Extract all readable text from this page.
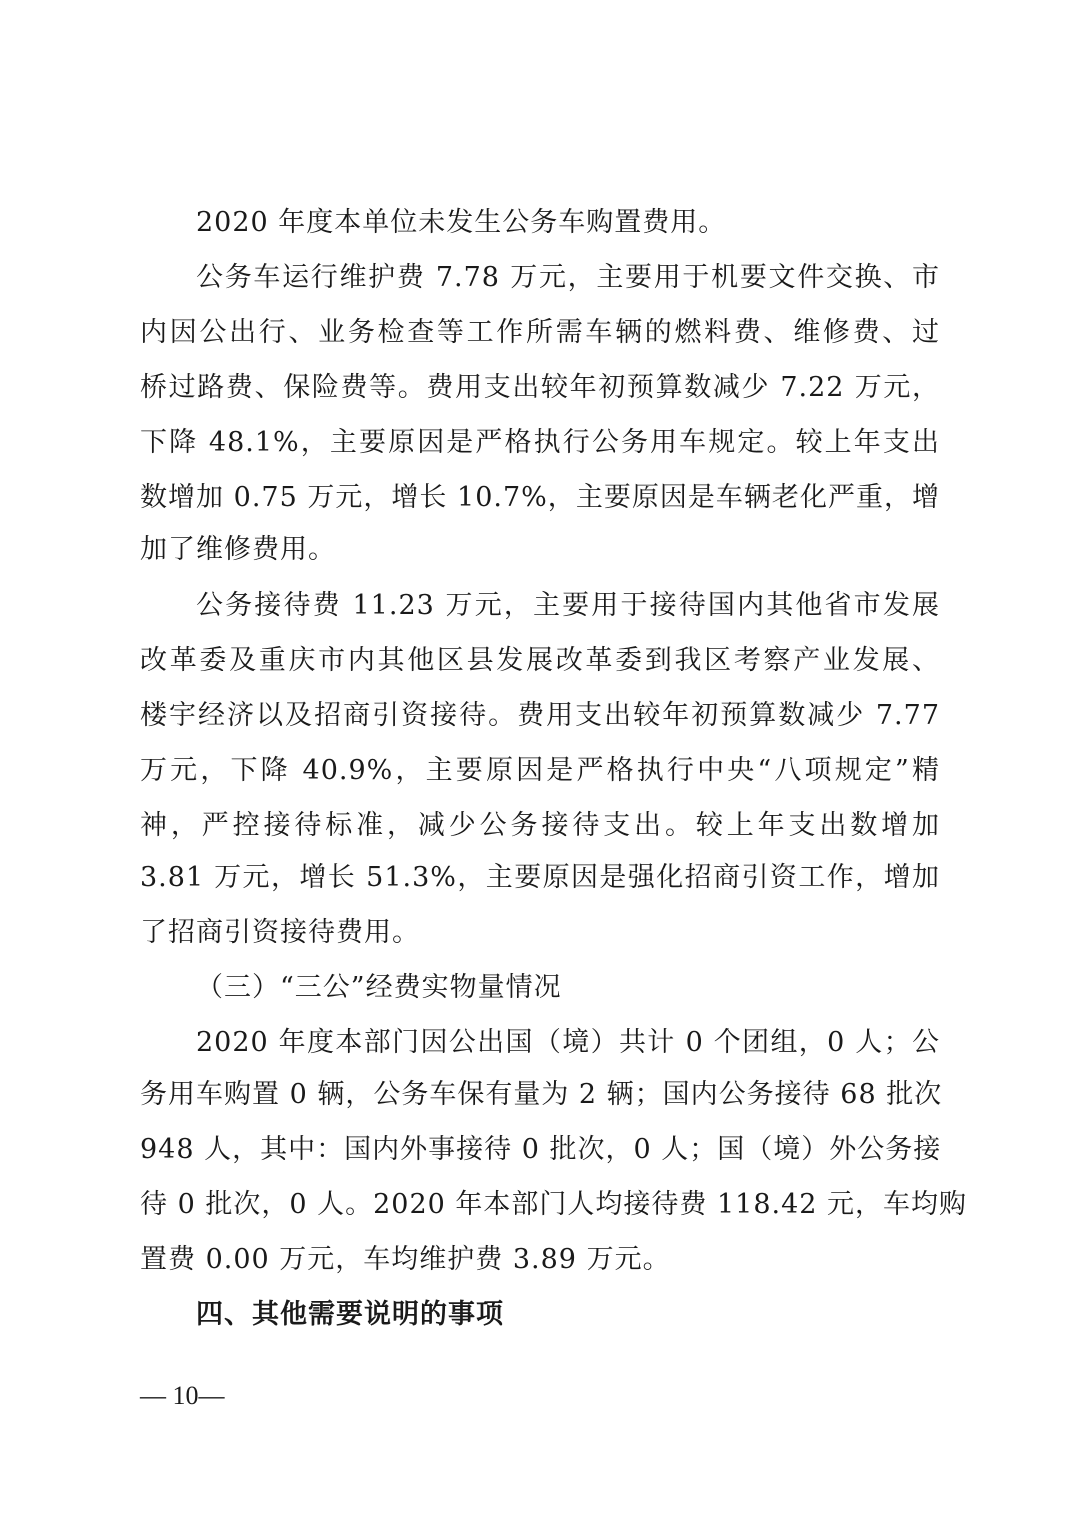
2020 年度本单位未发生公务车购置费用。
公务车运行维护费 7.78 万元，主要用于机要文件交换、市
内因公出行、业务检查等工作所需车辆的燃料费、维修费、过
桥过路费、保险费等。费用支出较年初预算数减少 7.22 万元，
下降 48.1%，主要原因是严格执行公务用车规定。较上年支出
数增加 0.75 万元，增长 10.7%，主要原因是车辆老化严重，增
加了维修费用。
公务接待费 11.23 万元，主要用于接待国内其他省市发展
改革委及重庆市内其他区县发展改革委到我区考察产业发展、
楼宇经济以及招商引资接待。费用支出较年初预算数减少 7.77
万元，下降 40.9%，主要原因是严格执行中央“八项规定”精
神，严控接待标准，减少公务接待支出。较上年支出数增加
3.81 万元，增长 51.3%，主要原因是强化招商引资工作，增加
了招商引资接待费用。
（三）“三公”经费实物量情况
2020 年度本部门因公出国（境）共计 0 个团组，0 人；公
务用车购置 0 辆，公务车保有量为 2 辆；国内公务接待 68 批次
948 人，其中：国内外事接待 0 批次，0 人；国（境）外公务接
待 0 批次，0 人。2020 年本部门人均接待费 118.42 元，车均购
置费 0.00 万元，车均维护费 3.89 万元。
四、其他需要说明的事项
— 10—
